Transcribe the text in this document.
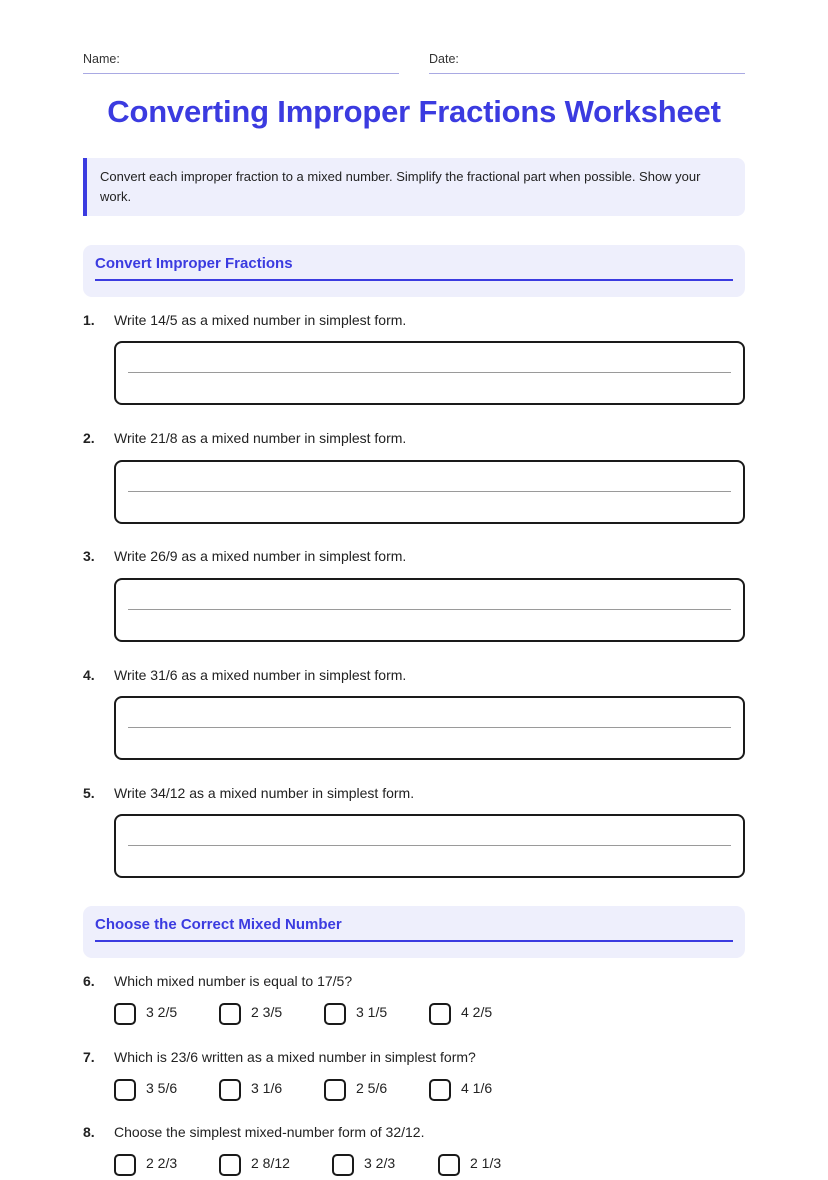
Name:	Date:
Converting Improper Fractions Worksheet
Convert each improper fraction to a mixed number. Simplify the fractional part when possible. Show your work.
Convert Improper Fractions
1.	Write 14/5 as a mixed number in simplest form.
2.	Write 21/8 as a mixed number in simplest form.
3.	Write 26/9 as a mixed number in simplest form.
4.	Write 31/6 as a mixed number in simplest form.
5.	Write 34/12 as a mixed number in simplest form.
Choose the Correct Mixed Number
6.	Which mixed number is equal to 17/5?
3 2/5	2 3/5	3 1/5	4 2/5
7.	Which is 23/6 written as a mixed number in simplest form?
3 5/6	3 1/6	2 5/6	4 1/6
8.	Choose the simplest mixed-number form of 32/12.
2 2/3	2 8/12	3 2/3	2 1/3
